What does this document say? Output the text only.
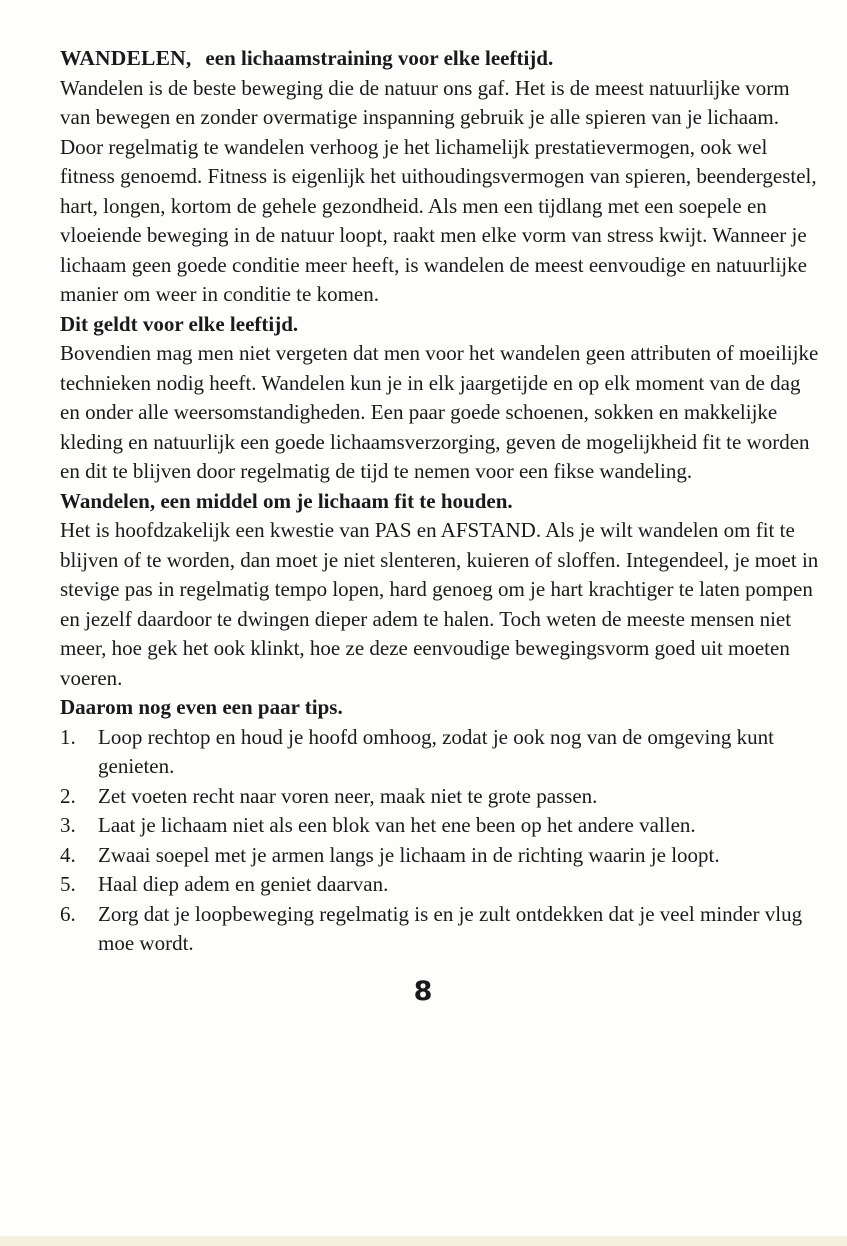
WANDELEN, een lichaamstraining voor elke leeftijd.

Wandelen is de beste beweging die de natuur ons gaf. Het is de meest natuurlijke vorm van bewegen en zonder overmatige inspanning gebruik je alle spieren van je lichaam. Door regelmatig te wandelen verhoog je het lichamelijk prestatievermogen, ook wel fitness genoemd. Fitness is eigenlijk het uithoudingsvermogen van spieren, beendergestel, hart, longen, kortom de gehele gezondheid. Als men een tijdlang met een soepele en vloeiende beweging in de natuur loopt, raakt men elke vorm van stress kwijt. Wanneer je lichaam geen goede conditie meer heeft, is wandelen de meest eenvoudige en natuurlijke manier om weer in conditie te komen.

Dit geldt voor elke leeftijd.

Bovendien mag men niet vergeten dat men voor het wandelen geen attributen of moeilijke technieken nodig heeft. Wandelen kun je in elk jaargetijde en op elk moment van de dag en onder alle weersomstandigheden. Een paar goede schoenen, sokken en makkelijke kleding en natuurlijk een goede lichaamsverzorging, geven de mogelijkheid fit te worden en dit te blijven door regelmatig de tijd te nemen voor een fikse wandeling.

Wandelen, een middel om je lichaam fit te houden.

Het is hoofdzakelijk een kwestie van PAS en AFSTAND. Als je wilt wandelen om fit te blijven of te worden, dan moet je niet slenteren, kuieren of sloffen. Integendeel, je moet in stevige pas in regelmatig tempo lopen, hard genoeg om je hart krachtiger te laten pompen en jezelf daardoor te dwingen dieper adem te halen. Toch weten de meeste mensen niet meer, hoe gek het ook klinkt, hoe ze deze eenvoudige bewegingsvorm goed uit moeten voeren.

Daarom nog even een paar tips.

1.	Loop rechtop en houd je hoofd omhoog, zodat je ook nog van de omgeving kunt genieten.
2.	Zet voeten recht naar voren neer, maak niet te grote passen.
3.	Laat je lichaam niet als een blok van het ene been op het andere vallen.
4.	Zwaai soepel met je armen langs je lichaam in de richting waarin je loopt.
5.	Haal diep adem en geniet daarvan.
6.	Zorg dat je loopbeweging regelmatig is en je zult ontdekken dat je veel minder vlug moe wordt.
8
